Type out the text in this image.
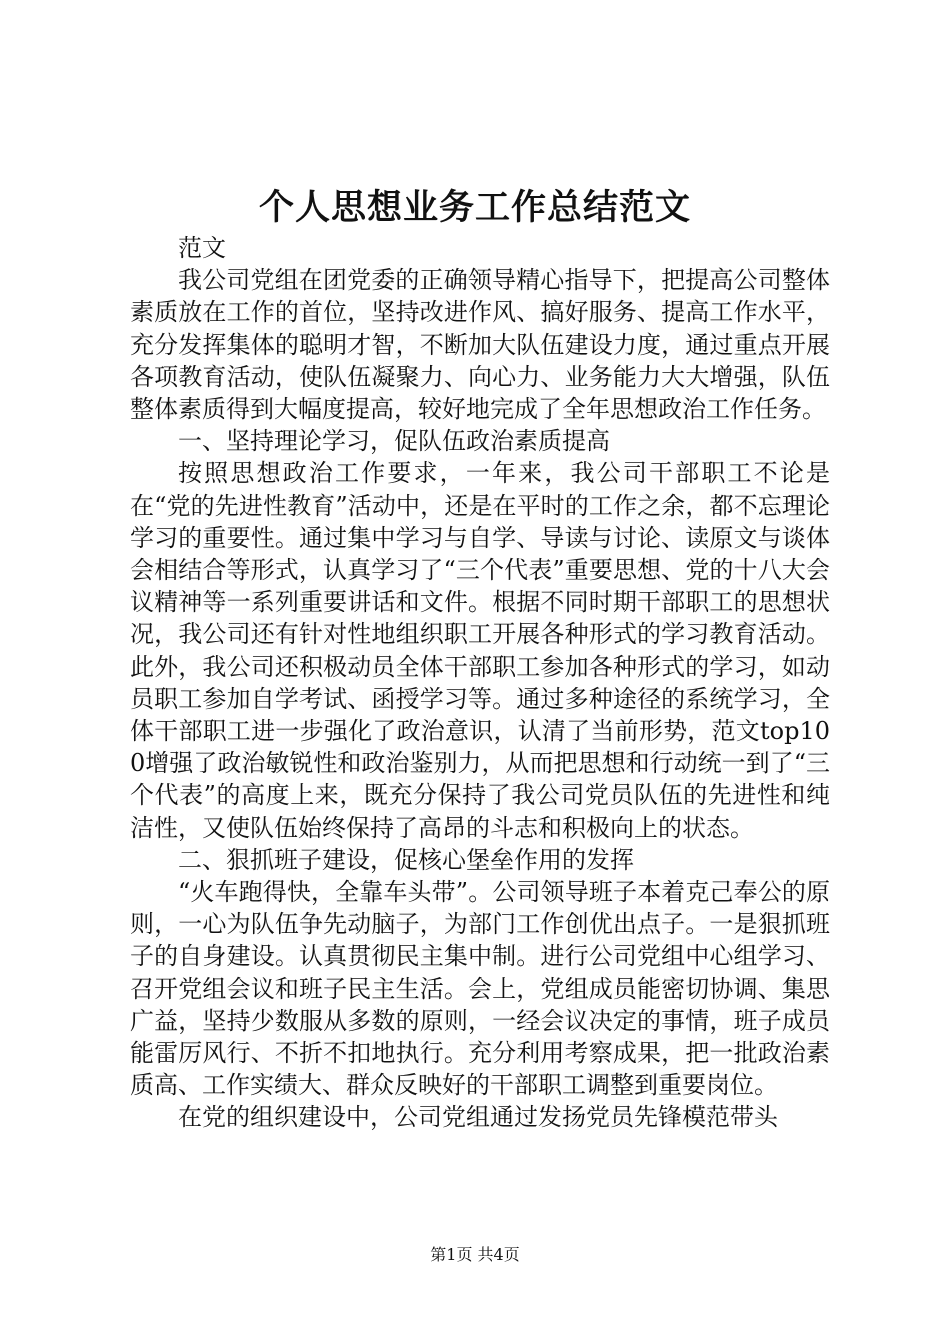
个人思想业务工作总结范文

范文

我公司党组在团党委的正确领导精心指导下，把提高公司整体素质放在工作的首位，坚持改进作风、搞好服务、提高工作水平，充分发挥集体的聪明才智，不断加大队伍建设力度，通过重点开展各项教育活动，使队伍凝聚力、向心力、业务能力大大增强，队伍整体素质得到大幅度提高，较好地完成了全年思想政治工作任务。

一、坚持理论学习，促队伍政治素质提高

按照思想政治工作要求，一年来，我公司干部职工不论是在“党的先进性教育”活动中，还是在平时的工作之余，都不忘理论学习的重要性。通过集中学习与自学、导读与讨论、读原文与谈体会相结合等形式，认真学习了“三个代表”重要思想、党的十八大会议精神等一系列重要讲话和文件。根据不同时期干部职工的思想状况，我公司还有针对性地组织职工开展各种形式的学习教育活动。此外，我公司还积极动员全体干部职工参加各种形式的学习，如动员职工参加自学考试、函授学习等。通过多种途径的系统学习，全体干部职工进一步强化了政治意识，认清了当前形势，范文top100增强了政治敏锐性和政治鉴别力，从而把思想和行动统一到了“三个代表”的高度上来，既充分保持了我公司党员队伍的先进性和纯洁性，又使队伍始终保持了高昂的斗志和积极向上的状态。

二、狠抓班子建设，促核心堡垒作用的发挥

“火车跑得快，全靠车头带”。公司领导班子本着克己奉公的原则，一心为队伍争先动脑子，为部门工作创优出点子。一是狠抓班子的自身建设。认真贯彻民主集中制。进行公司党组中心组学习、召开党组会议和班子民主生活。会上，党组成员能密切协调、集思广益，坚持少数服从多数的原则，一经会议决定的事情，班子成员能雷厉风行、不折不扣地执行。充分利用考察成果，把一批政治素质高、工作实绩大、群众反映好的干部职工调整到重要岗位。

在党的组织建设中，公司党组通过发扬党员先锋模范带头

第1页 共4页
